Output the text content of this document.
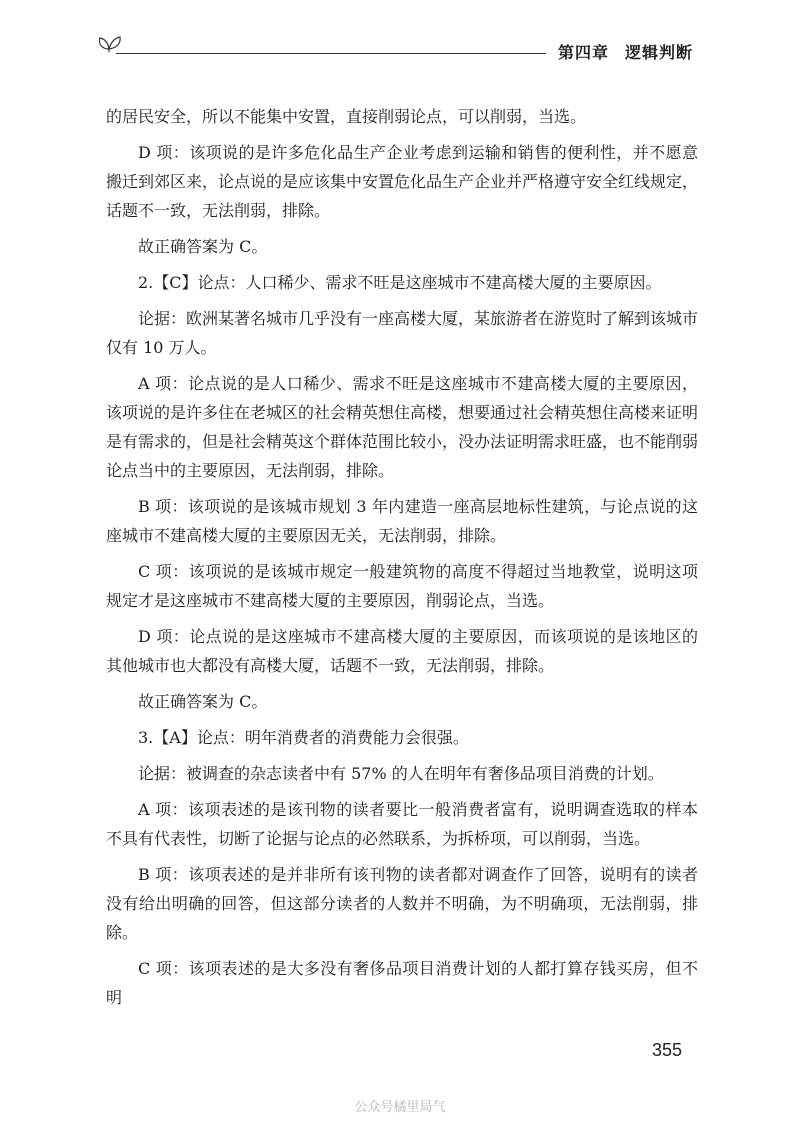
第四章 逻辑判断

的居民安全，所以不能集中安置，直接削弱论点，可以削弱，当选。

D 项：该项说的是许多危化品生产企业考虑到运输和销售的便利性，并不愿意搬迁到郊区来，论点说的是应该集中安置危化品生产企业并严格遵守安全红线规定，话题不一致，无法削弱，排除。

故正确答案为 C。

2.【C】论点：人口稀少、需求不旺是这座城市不建高楼大厦的主要原因。

论据：欧洲某著名城市几乎没有一座高楼大厦，某旅游者在游览时了解到该城市仅有 10 万人。

A 项：论点说的是人口稀少、需求不旺是这座城市不建高楼大厦的主要原因，该项说的是许多住在老城区的社会精英想住高楼，想要通过社会精英想住高楼来证明是有需求的，但是社会精英这个群体范围比较小，没办法证明需求旺盛，也不能削弱论点当中的主要原因，无法削弱，排除。

B 项：该项说的是该城市规划 3 年内建造一座高层地标性建筑，与论点说的这座城市不建高楼大厦的主要原因无关，无法削弱，排除。

C 项：该项说的是该城市规定一般建筑物的高度不得超过当地教堂，说明这项规定才是这座城市不建高楼大厦的主要原因，削弱论点，当选。

D 项：论点说的是这座城市不建高楼大厦的主要原因，而该项说的是该地区的其他城市也大都没有高楼大厦，话题不一致，无法削弱，排除。

故正确答案为 C。

3.【A】论点：明年消费者的消费能力会很强。

论据：被调查的杂志读者中有 57% 的人在明年有奢侈品项目消费的计划。

A 项：该项表述的是该刊物的读者要比一般消费者富有，说明调查选取的样本不具有代表性，切断了论据与论点的必然联系，为拆桥项，可以削弱，当选。

B 项：该项表述的是并非所有该刊物的读者都对调查作了回答，说明有的读者没有给出明确的回答，但这部分读者的人数并不明确，为不明确项，无法削弱，排除。

C 项：该项表述的是大多没有奢侈品项目消费计划的人都打算存钱买房，但不明

355
公众号橘里局气
